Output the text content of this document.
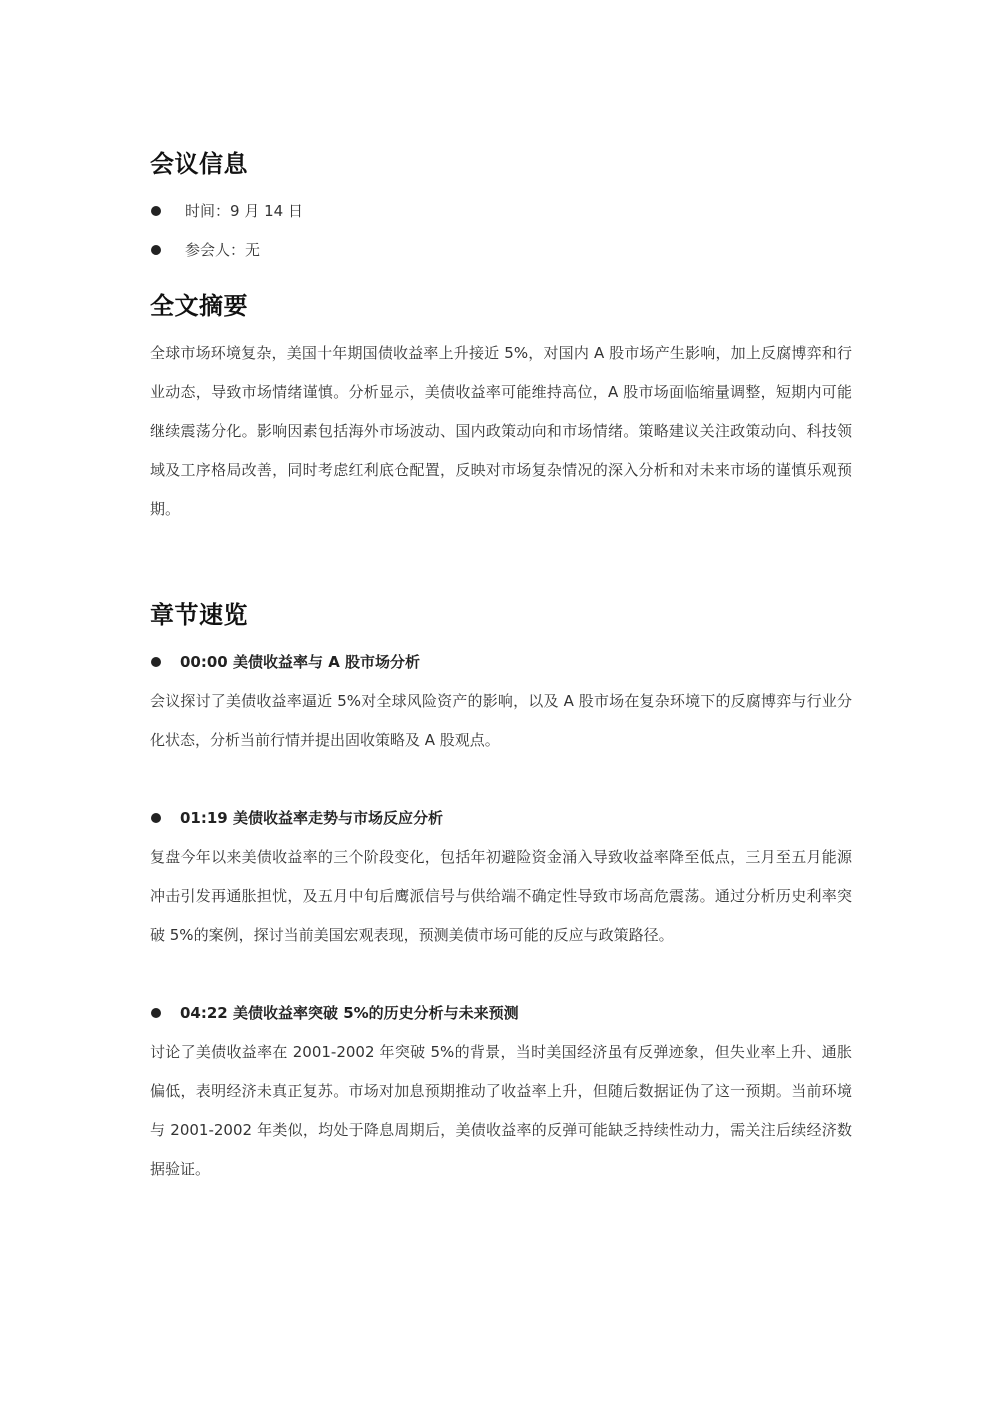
会议信息
时间：9 月 14 日
参会人：无
全文摘要

全球市场环境复杂，美国十年期国债收益率上升接近 5%，对国内 A 股市场产生影响，加上反腐博弈和行业动态，导致市场情绪谨慎。分析显示，美债收益率可能维持高位，A 股市场面临缩量调整，短期内可能继续震荡分化。影响因素包括海外市场波动、国内政策动向和市场情绪。策略建议关注政策动向、科技领域及工序格局改善，同时考虑红利底仓配置，反映对市场复杂情况的深入分析和对未来市场的谨慎乐观预期。

章节速览

00:00 美债收益率与 A 股市场分析

会议探讨了美债收益率逼近 5%对全球风险资产的影响，以及 A 股市场在复杂环境下的反腐博弈与行业分化状态，分析当前行情并提出固收策略及 A 股观点。

01:19 美债收益率走势与市场反应分析

复盘今年以来美债收益率的三个阶段变化，包括年初避险资金涌入导致收益率降至低点，三月至五月能源冲击引发再通胀担忧，及五月中旬后鹰派信号与供给端不确定性导致市场高危震荡。通过分析历史利率突破 5%的案例，探讨当前美国宏观表现，预测美债市场可能的反应与政策路径。

04:22 美债收益率突破 5%的历史分析与未来预测

讨论了美债收益率在 2001-2002 年突破 5%的背景，当时美国经济虽有反弹迹象，但失业率上升、通胀偏低，表明经济未真正复苏。市场对加息预期推动了收益率上升，但随后数据证伪了这一预期。当前环境与 2001-2002 年类似，均处于降息周期后，美债收益率的反弹可能缺乏持续性动力，需关注后续经济数据验证。
